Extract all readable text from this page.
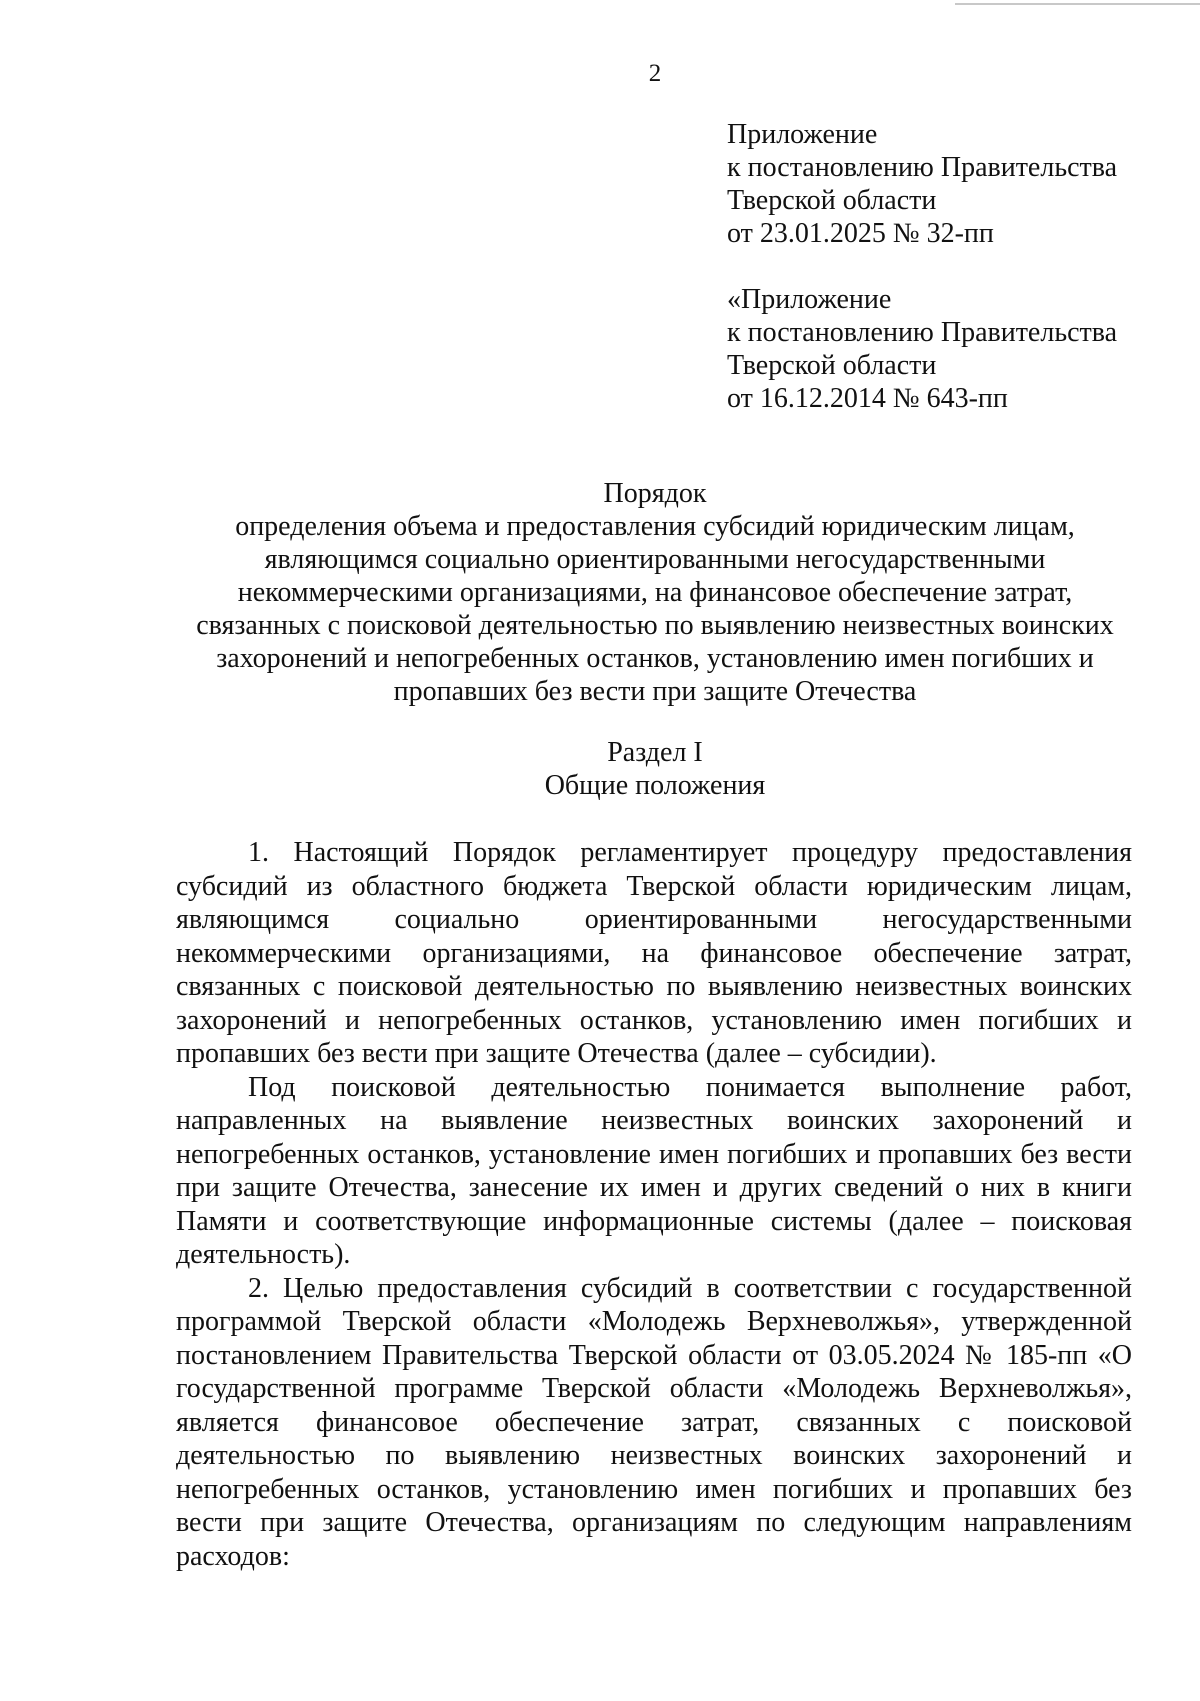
2
Приложение
к постановлению Правительства
Тверской области
от 23.01.2025 № 32-пп
«Приложение
к постановлению Правительства
Тверской области
от 16.12.2014 № 643-пп
Порядок
определения объема и предоставления субсидий юридическим лицам,
являющимся социально ориентированными негосударственными
некоммерческими организациями, на финансовое обеспечение затрат,
связанных с поисковой деятельностью по выявлению неизвестных воинских
захоронений и непогребенных останков, установлению имен погибших и
пропавших без вести при защите Отечества
Раздел I
Общие положения

1. Настоящий Порядок регламентирует процедуру предоставления субсидий из областного бюджета Тверской области юридическим лицам, являющимся социально ориентированными негосударственными некоммерческими организациями, на финансовое обеспечение затрат, связанных с поисковой деятельностью по выявлению неизвестных воинских захоронений и непогребенных останков, установлению имен погибших и пропавших без вести при защите Отечества (далее – субсидии).

Под поисковой деятельностью понимается выполнение работ, направленных на выявление неизвестных воинских захоронений и непогребенных останков, установление имен погибших и пропавших без вести при защите Отечества, занесение их имен и других сведений о них в книги Памяти и соответствующие информационные системы (далее – поисковая деятельность).

2. Целью предоставления субсидий в соответствии с государственной программой Тверской области «Молодежь Верхневолжья», утвержденной постановлением Правительства Тверской области от 03.05.2024 № 185-пп «О государственной программе Тверской области «Молодежь Верхневолжья», является финансовое обеспечение затрат, связанных с поисковой деятельностью по выявлению неизвестных воинских захоронений и непогребенных останков, установлению имен погибших и пропавших без вести при защите Отечества, организациям по следующим направлениям расходов:
